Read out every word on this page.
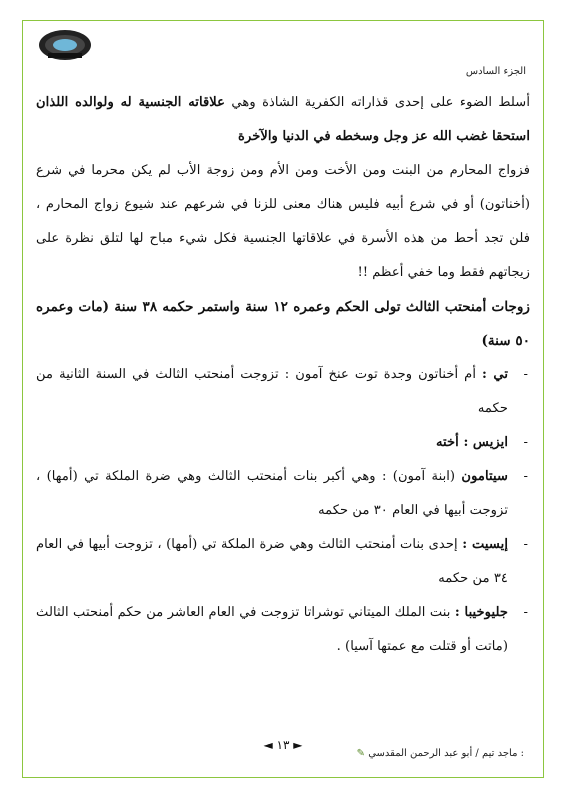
الجزء السادس

أسلط الضوء على إحدى قذاراته الكفرية الشاذة وهي علاقاته الجنسية له ولوالده اللذان استحقا غضب الله عز وجل وسخطه في الدنيا والآخرة

فزواج المحارم من البنت ومن الأخت ومن الأم ومن زوجة الأب لم يكن محرما في شرع (أخناتون) أو في شرع أبيه فليس هناك معنى للزنا في شرعهم عند شيوع زواج المحارم ، فلن تجد أحط من هذه الأسرة في علاقاتها الجنسية فكل شيء مباح لها لتلق نظرة على زيجاتهم فقط وما خفي أعظم !!

زوجات أمنحتب الثالث تولى الحكم وعمره ١٢ سنة واستمر حكمه ٣٨ سنة (مات وعمره ٥٠ سنة)

-
تي : أم أخناتون وجدة توت عنخ آمون : تزوجت أمنحتب الثالث في السنة الثانية من حكمه
-
ايزيس : أخته
-
سيتامون (ابنة آمون) : وهي أكبر بنات أمنحتب الثالث وهي ضرة الملكة تي (أمها) ، تزوجت أبيها في العام ٣٠ من حكمه
-
إيسيت : إحدى بنات أمنحتب الثالث وهي ضرة الملكة تي (أمها) ، تزوجت أبيها في العام ٣٤ من حكمه
-
جليوخيبا : بنت الملك الميتاني توشراتا تزوجت في العام العاشر من حكم أمنحتب الثالث (ماتت أو قتلت مع عمتها آسيا) .
◄ ١٣ ►
: ماجد تيم / أبو عبد الرحمن المقدسي ✎
